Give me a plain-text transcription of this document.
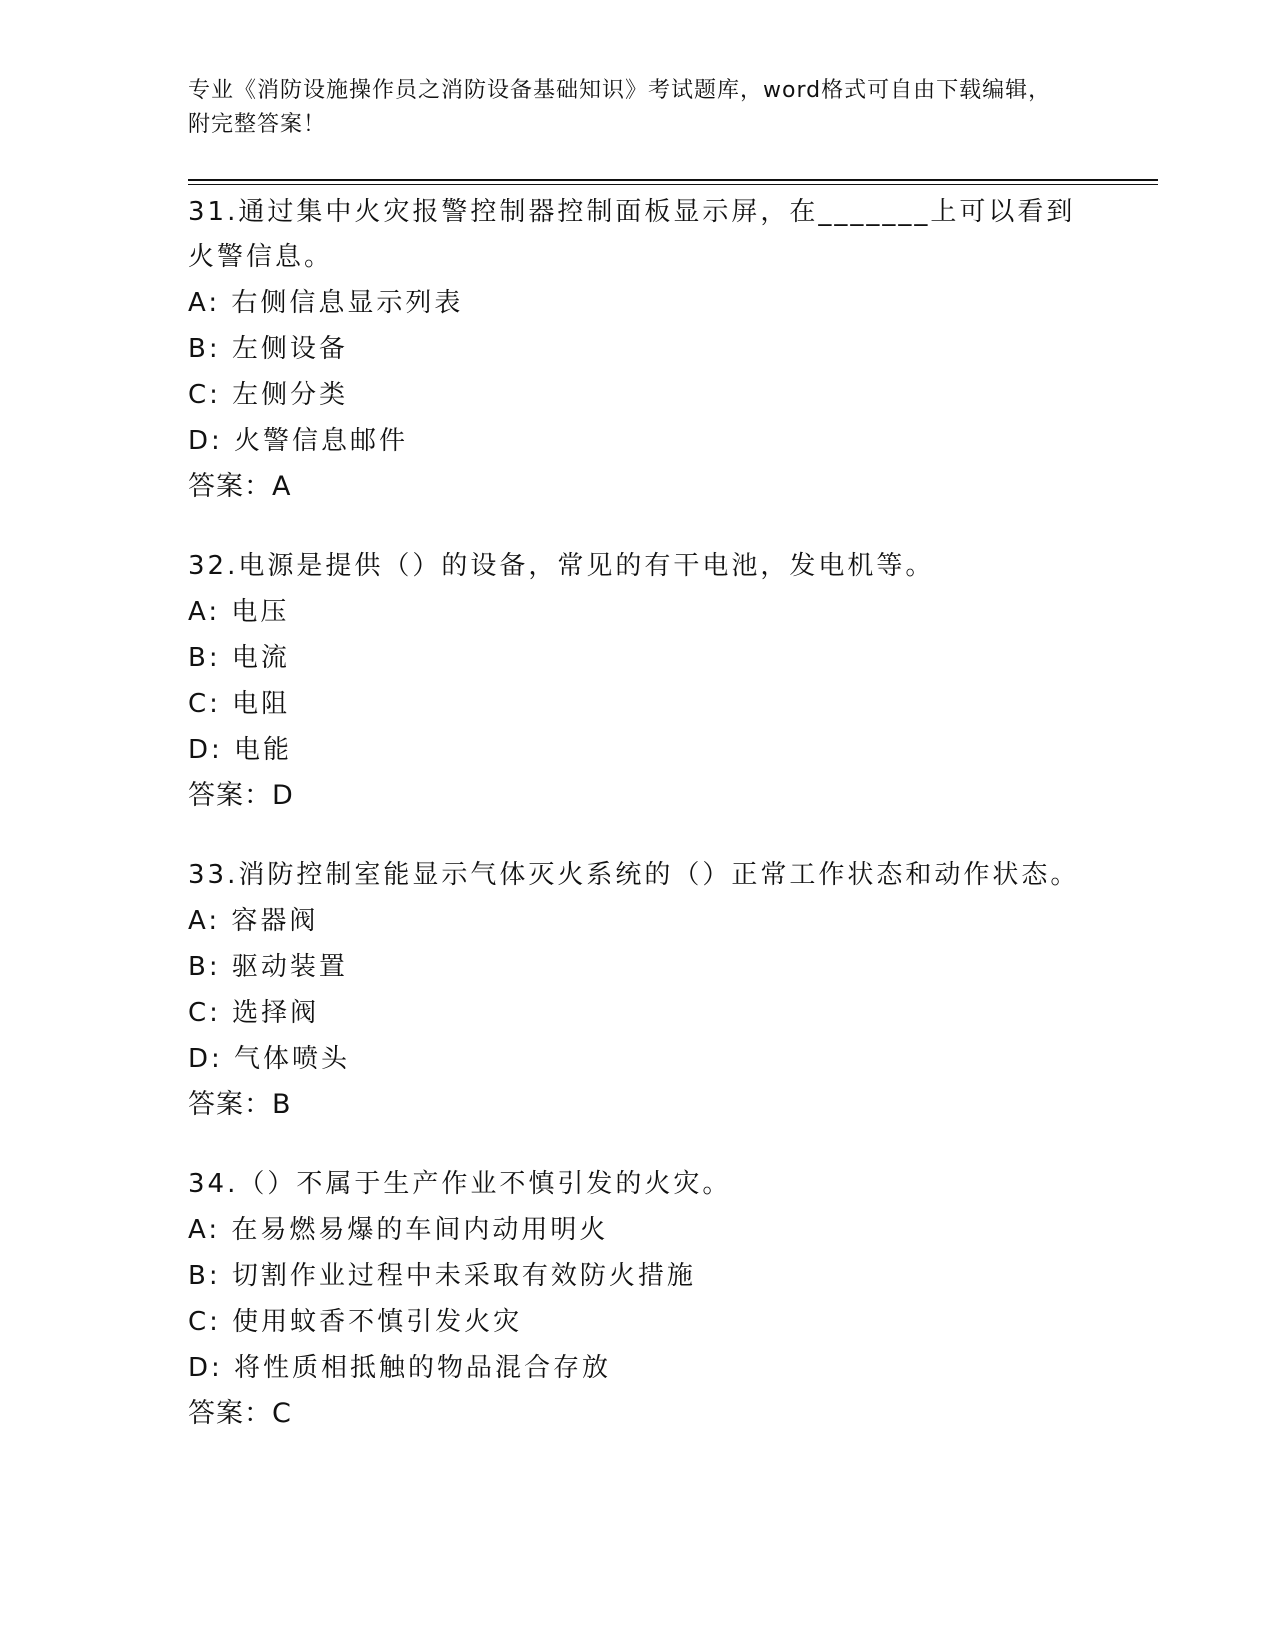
专业《消防设施操作员之消防设备基础知识》考试题库，word格式可自由下载编辑，附完整答案！

31.通过集中火灾报警控制器控制面板显示屏，在_______上可以看到火警信息。

A: 右侧信息显示列表

B: 左侧设备

C: 左侧分类

D: 火警信息邮件

答案：A

32.电源是提供（）的设备，常见的有干电池，发电机等。

A: 电压

B: 电流

C: 电阻

D: 电能

答案：D

33.消防控制室能显示气体灭火系统的（）正常工作状态和动作状态。

A: 容器阀

B: 驱动装置

C: 选择阀

D: 气体喷头

答案：B

34.（）不属于生产作业不慎引发的火灾。

A: 在易燃易爆的车间内动用明火

B: 切割作业过程中未采取有效防火措施

C: 使用蚊香不慎引发火灾

D: 将性质相抵触的物品混合存放

答案：C
